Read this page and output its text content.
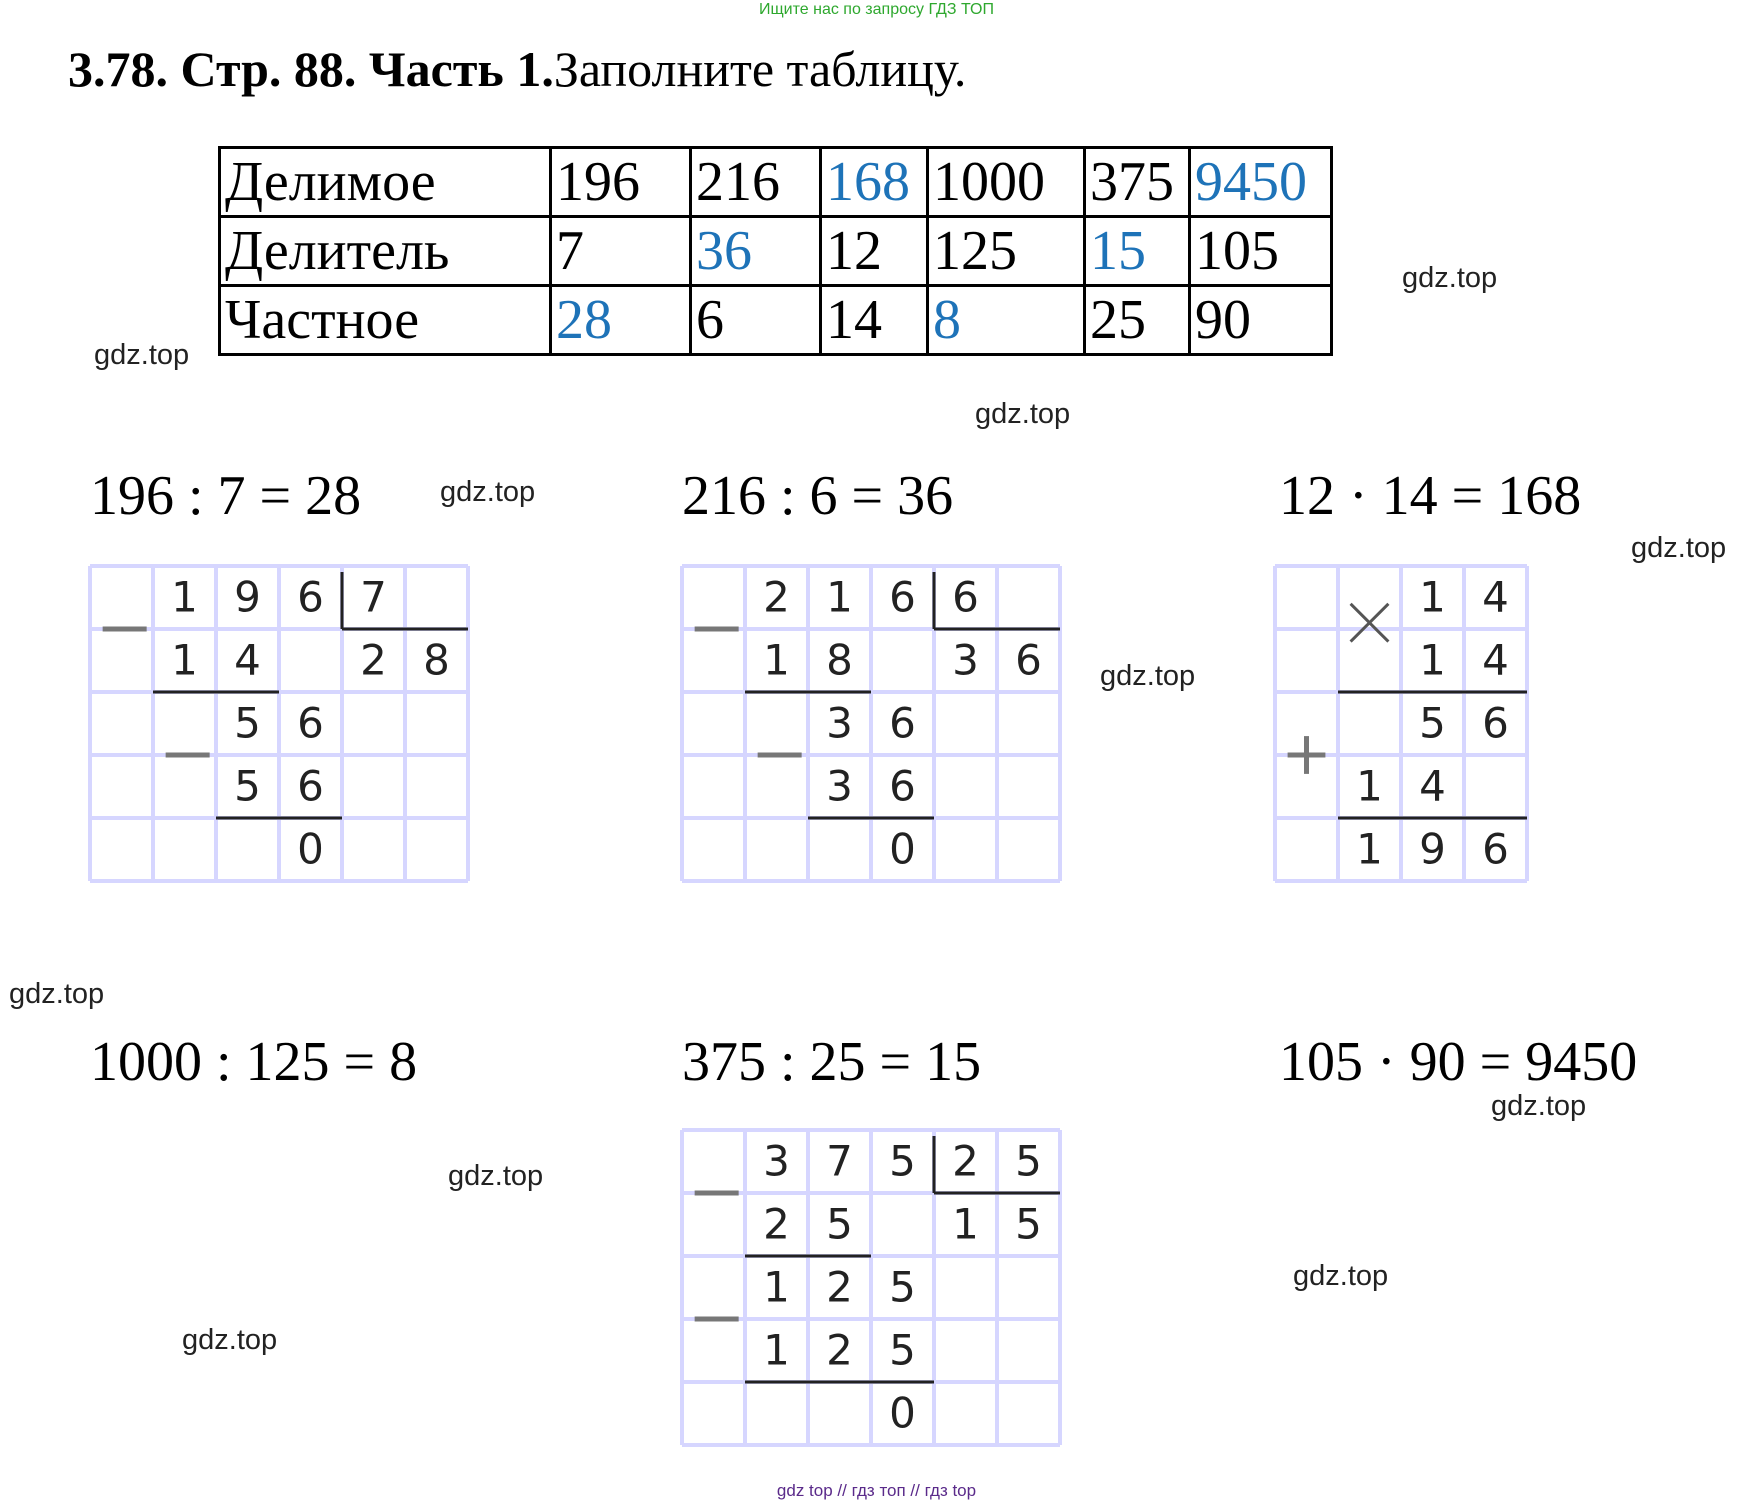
Ищите нас по запросу ГДЗ ТОП
3.78. Стр. 88. Часть 1.Заполните таблицу.
Делимое	196	216	168	1000	375	9450
Делитель	7	36	12	125	15	105
Частное	28	6	14	8	25	90
gdz.top
gdz.top
gdz.top
gdz.top
gdz.top
gdz.top
gdz.top
gdz.top
gdz.top
gdz.top
gdz.top
196 : 7 = 28	216 : 6 = 36	12 · 14 = 168
1000 : 125 = 8	375 : 25 = 15	105 · 90 = 9450
1 9 6 7
1 4 2 8
5 6
5 6
0
2 1 6 6
1 8 3 6
3 6
3 6
0
1 4
1 4
5 6
1 4
1 9 6
3 7 5 2 5
2 5 1 5
1 2 5
1 2 5
0
gdz top // гдз топ // гдз top
